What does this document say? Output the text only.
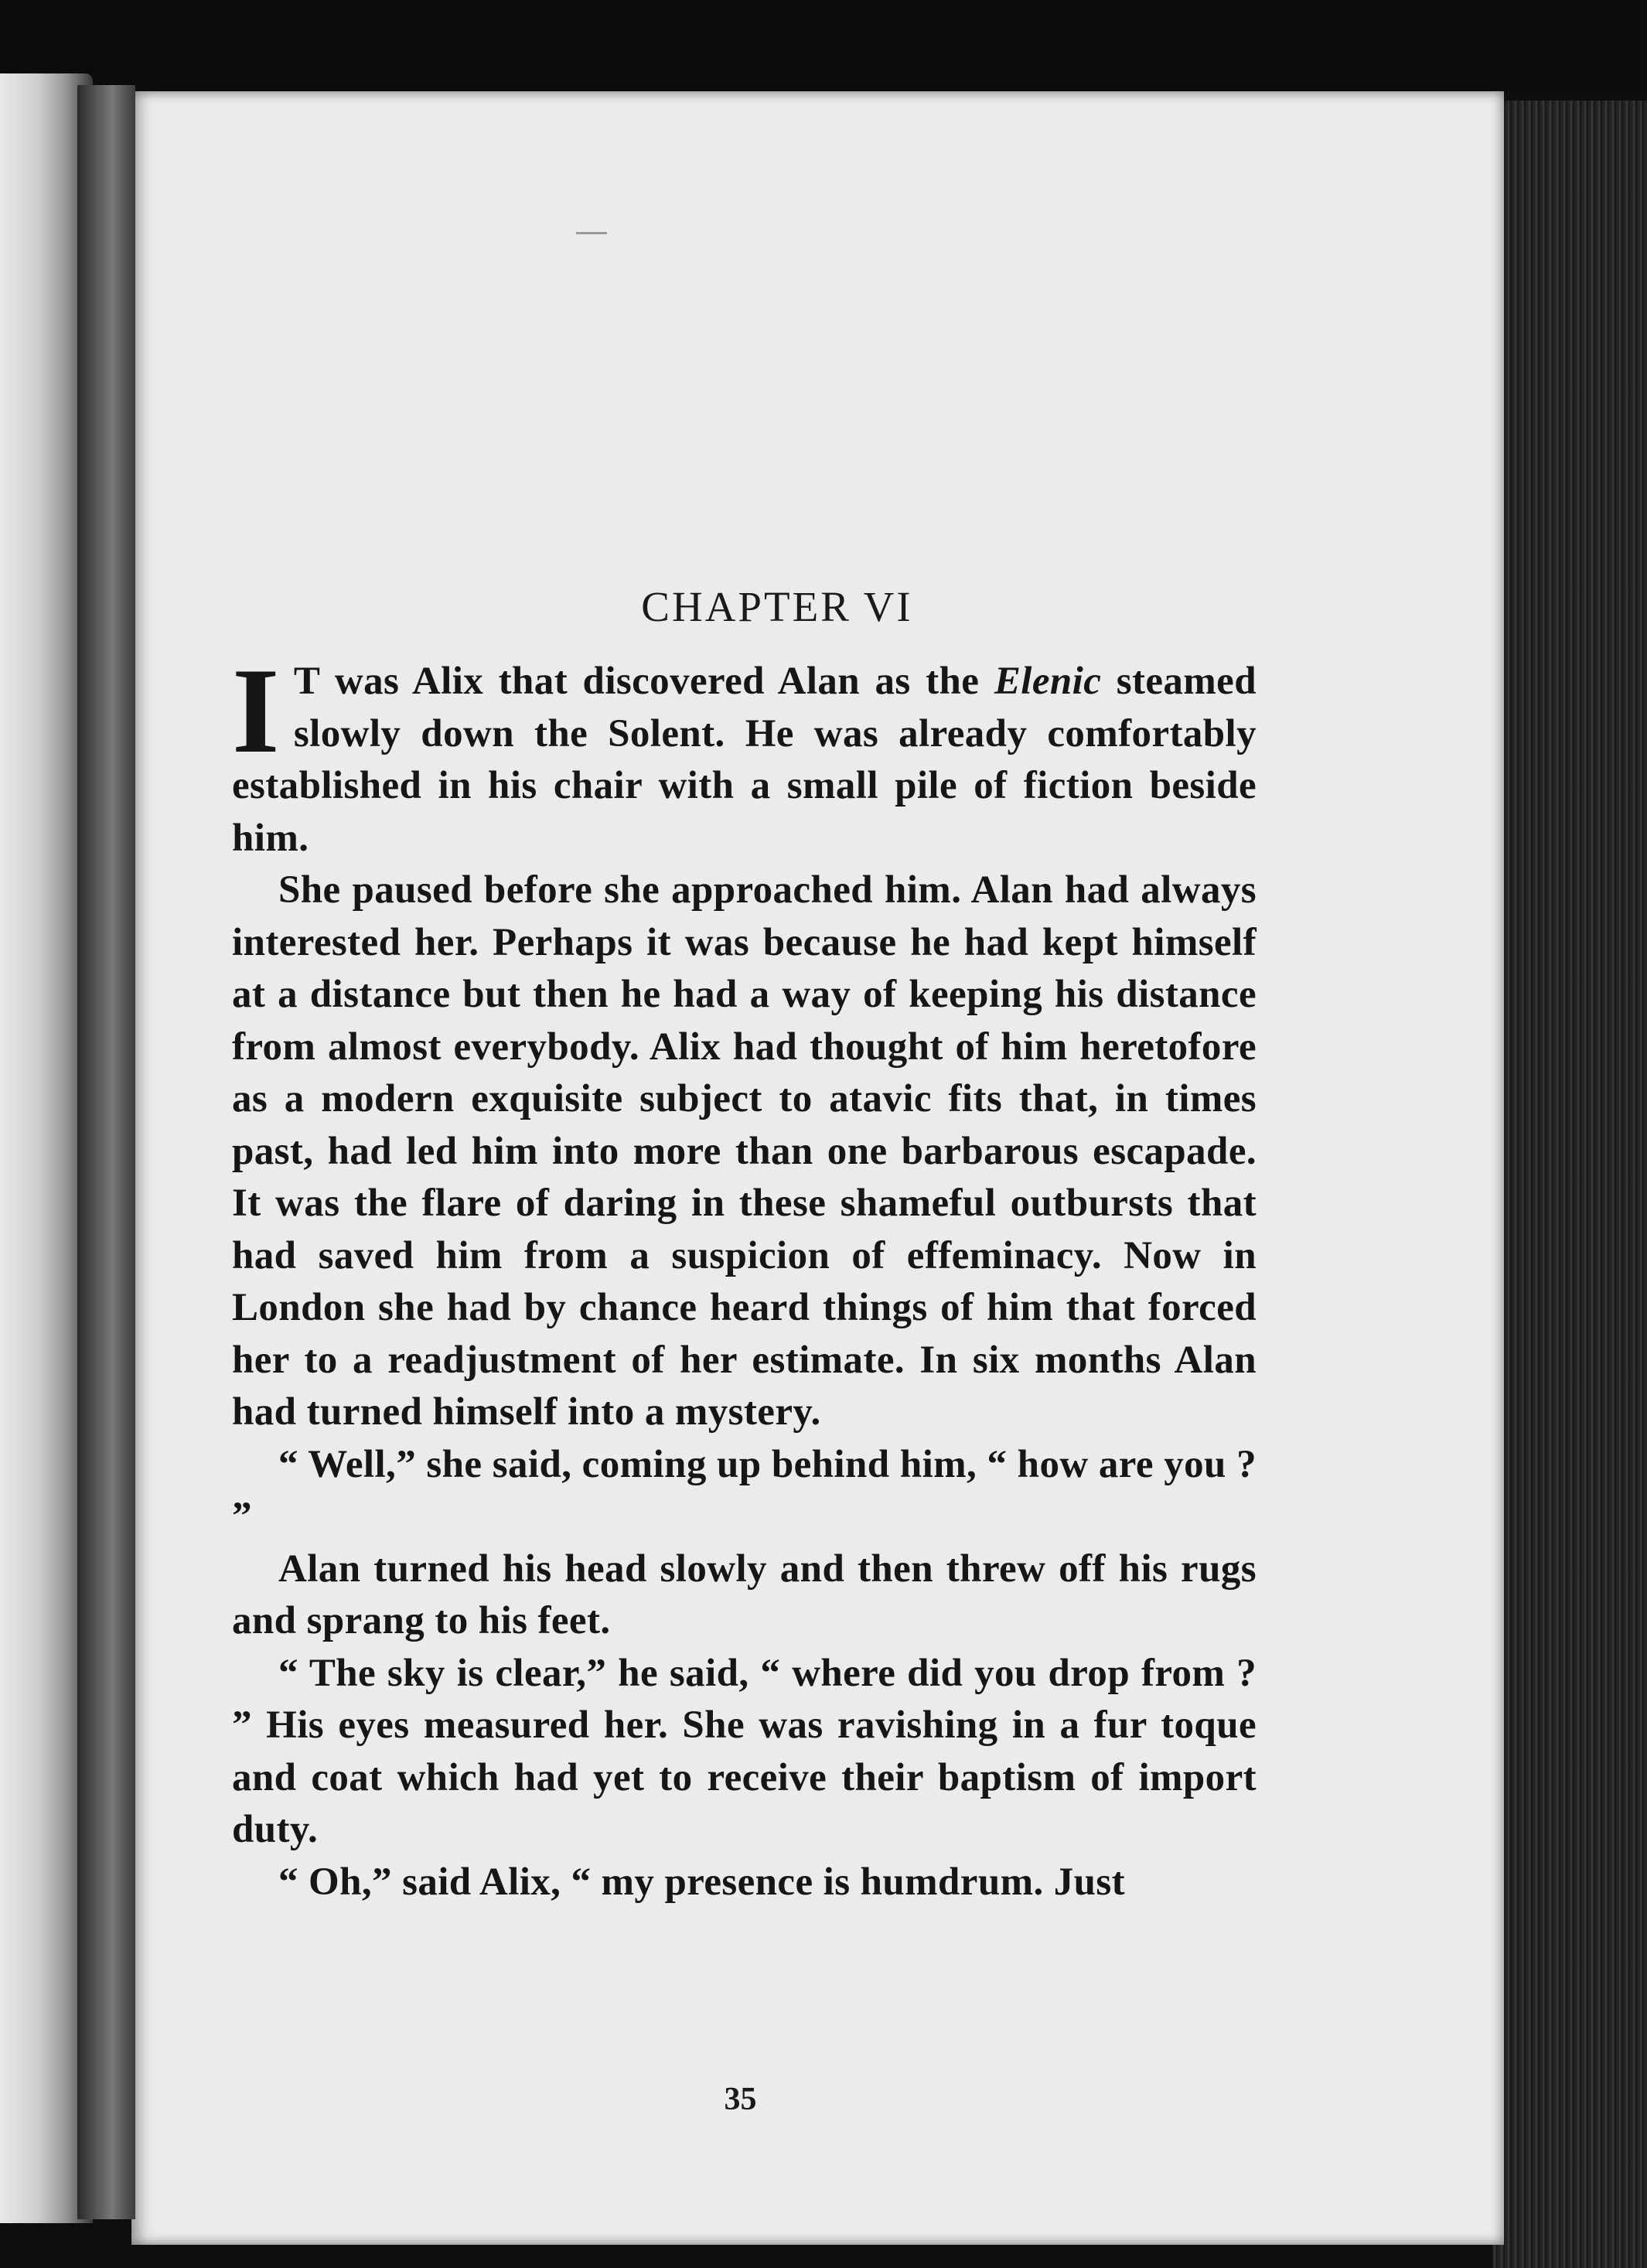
CHAPTER VI

I T was Alix that discovered Alan as the Elenic steamed slowly down the Solent. He was already comfortably established in his chair with a small pile of fiction beside him.

She paused before she approached him. Alan had always interested her. Perhaps it was because he had kept himself at a distance but then he had a way of keeping his distance from almost everybody. Alix had thought of him heretofore as a modern exquisite subject to atavic fits that, in times past, had led him into more than one barbarous escapade. It was the flare of daring in these shameful outbursts that had saved him from a suspicion of effeminacy. Now in London she had by chance heard things of him that forced her to a readjustment of her estimate. In six months Alan had turned himself into a mystery.

“ Well,” she said, coming up behind him, “ how are you ? ”

Alan turned his head slowly and then threw off his rugs and sprang to his feet.

“ The sky is clear,” he said, “ where did you drop from ? ” His eyes measured her. She was ravishing in a fur toque and coat which had yet to receive their baptism of import duty.

“ Oh,” said Alix, “ my presence is humdrum. Just

35
